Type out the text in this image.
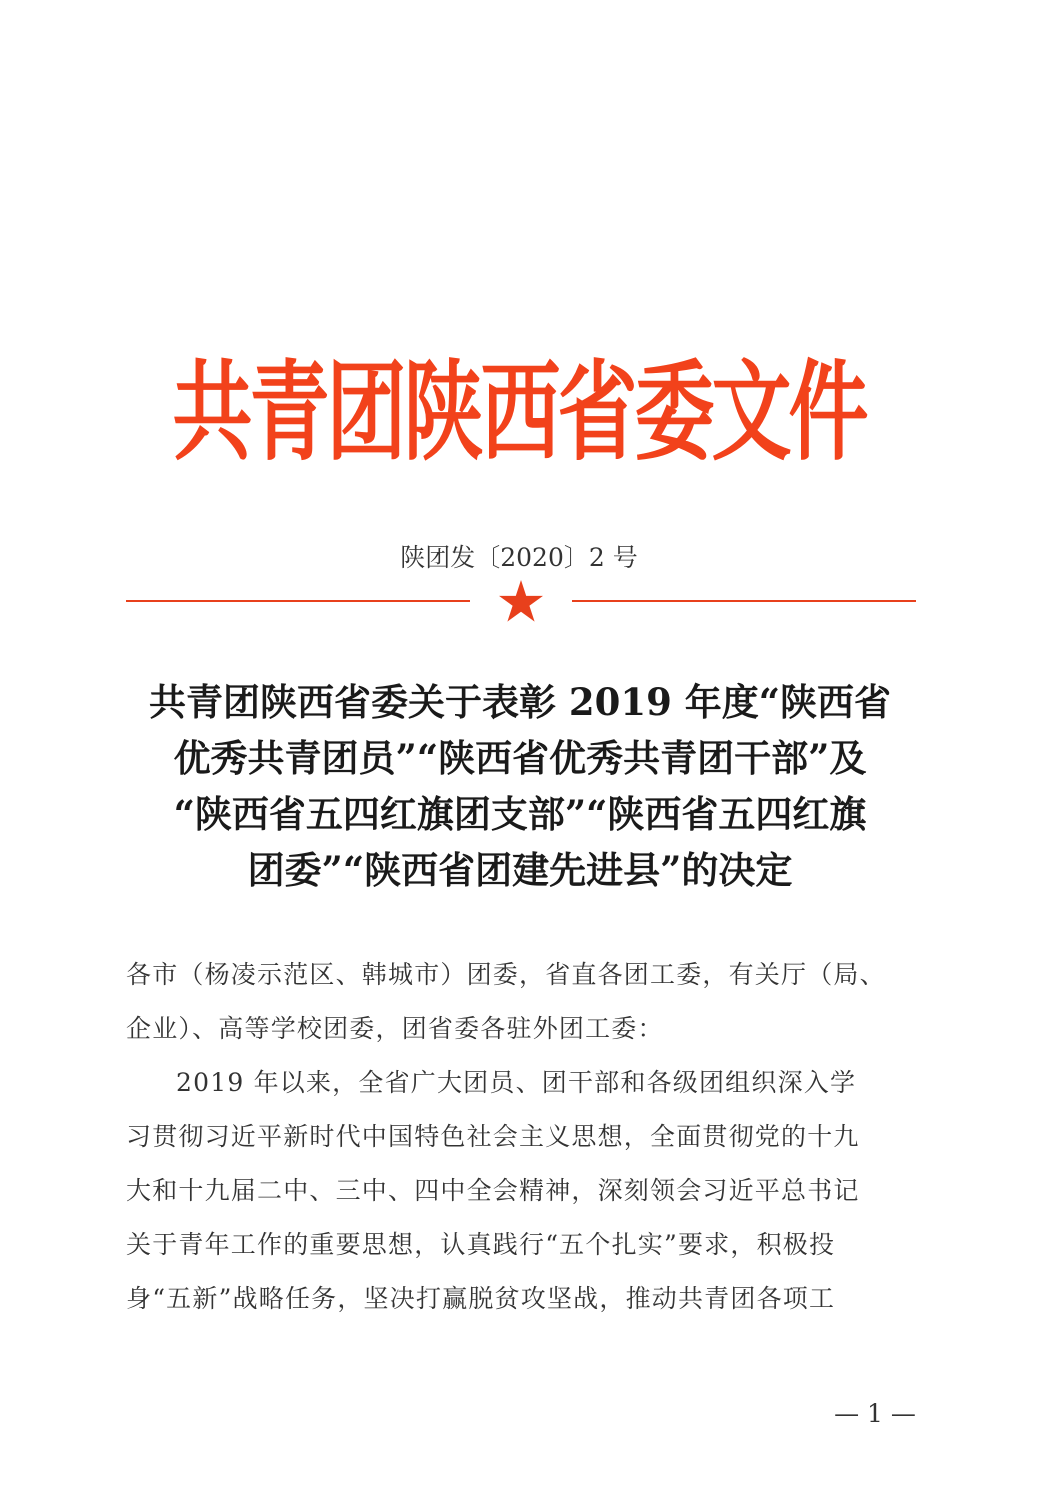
共青团陕西省委文件
陕团发〔2020〕2 号
共青团陕西省委关于表彰 2019 年度“陕西省
优秀共青团员”“陕西省优秀共青团干部”及
“陕西省五四红旗团支部”“陕西省五四红旗
团委”“陕西省团建先进县”的决定
各市（杨凌示范区、韩城市）团委，省直各团工委，有关厅（局、
企业）、高等学校团委，团省委各驻外团工委：
2019 年以来，全省广大团员、团干部和各级团组织深入学
习贯彻习近平新时代中国特色社会主义思想，全面贯彻党的十九
大和十九届二中、三中、四中全会精神，深刻领会习近平总书记
关于青年工作的重要思想，认真践行“五个扎实”要求，积极投
身“五新”战略任务，坚决打赢脱贫攻坚战，推动共青团各项工
— 1 —
